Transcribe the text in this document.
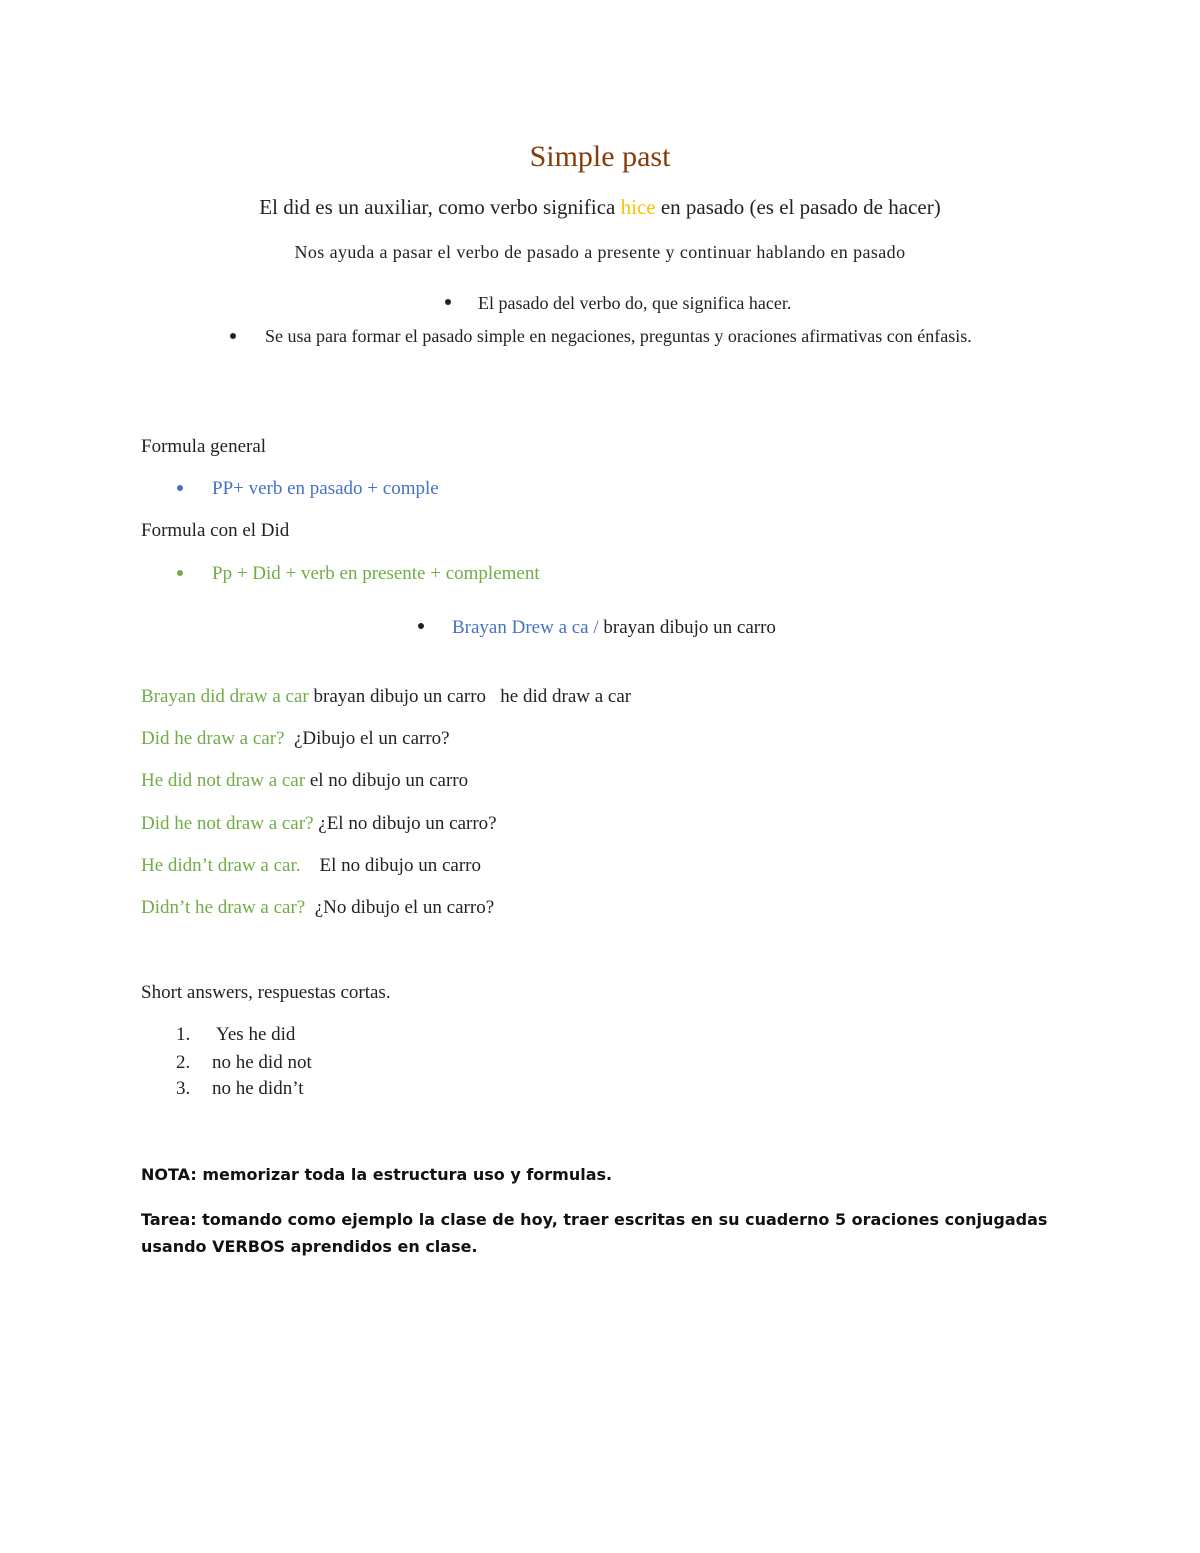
Simple past
El did es un auxiliar, como verbo significa hice en pasado (es el pasado de hacer)
Nos ayuda a pasar el verbo de pasado a presente y continuar hablando en pasado
El pasado del verbo do, que significa hacer.
Se usa para formar el pasado simple en negaciones, preguntas y oraciones afirmativas con énfasis.
Formula general
PP+ verb en pasado + comple
Formula con el Did
Pp + Did + verb en presente + complement
Brayan Drew a ca / brayan dibujo un carro
Brayan did draw a car brayan dibujo un carro   he did draw a car
Did he draw a car?  ¿Dibujo el un carro?
He did not draw a car el no dibujo un carro
Did he not draw a car? ¿El no dibujo un carro?
He didn’t draw a car.    El no dibujo un carro
Didn’t he draw a car?  ¿No dibujo el un carro?
Short answers, respuestas cortas.
1. Yes he did
2. no he did not
3. no he didn’t
NOTA: memorizar toda la estructura uso y formulas.
Tarea: tomando como ejemplo la clase de hoy, traer escritas en su cuaderno 5 oraciones conjugadas usando VERBOS aprendidos en clase.
